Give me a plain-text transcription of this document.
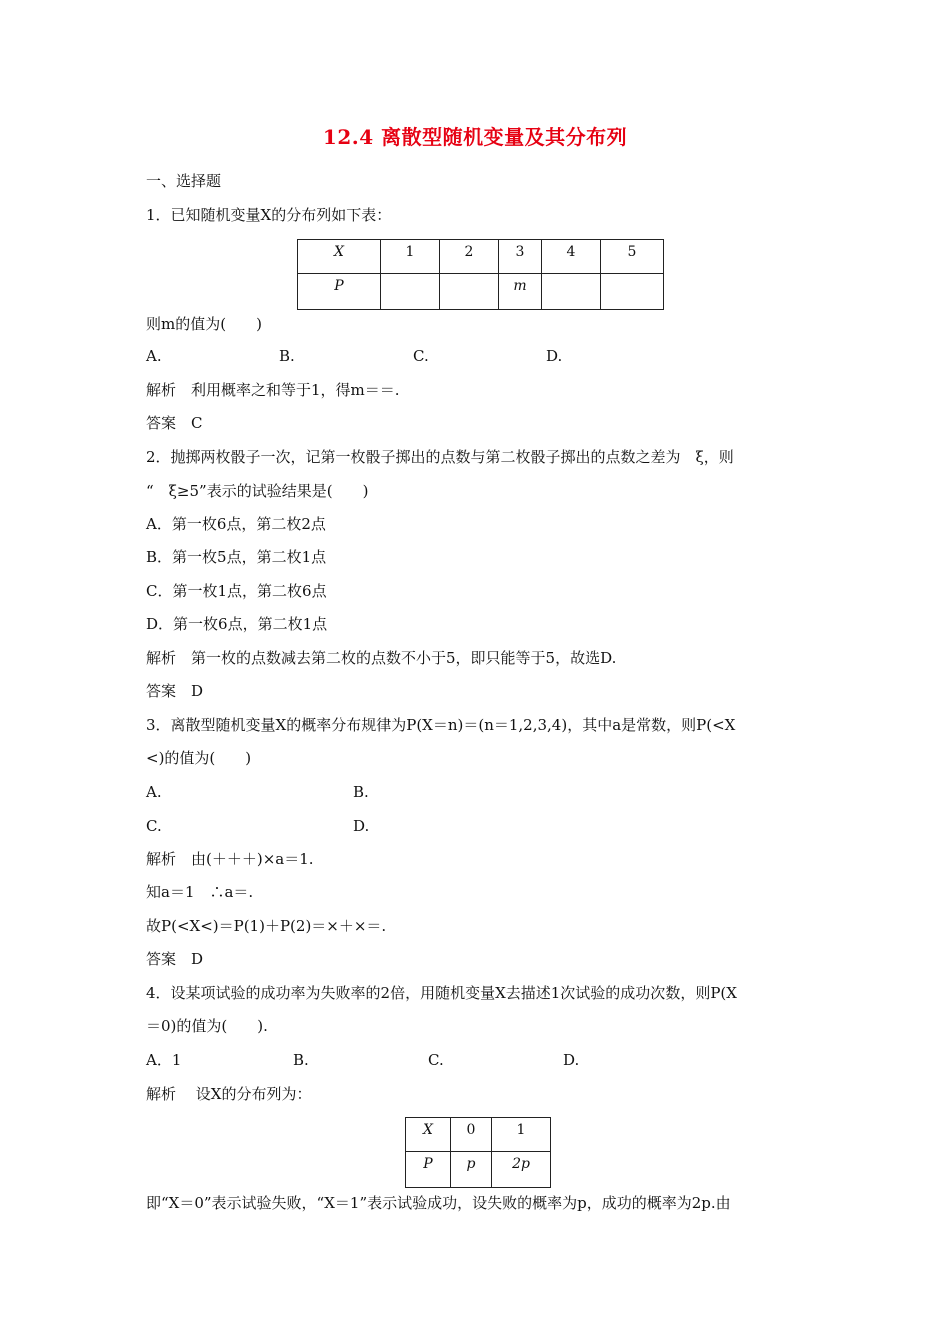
12.4 离散型随机变量及其分布列
一、选择题
1．已知随机变量X的分布列如下表：
X	1	2	3	4	5
P			m		
则m的值为(　　)
A.	B.	C.	D.
解析　利用概率之和等于1，得m＝＝.
答案　C
2．抛掷两枚骰子一次，记第一枚骰子掷出的点数与第二枚骰子掷出的点数之差为　ξ，则
“　ξ≥5”表示的试验结果是(　　)
A．第一枚6点，第二枚2点
B．第一枚5点，第二枚1点
C．第一枚1点，第二枚6点
D．第一枚6点，第二枚1点
解析　第一枚的点数减去第二枚的点数不小于5，即只能等于5，故选D.
答案　D
3．离散型随机变量X的概率分布规律为P(X＝n)＝(n＝1,2,3,4)，其中a是常数，则P(<X
<)的值为(　　)
A.	B.
C.	D.
解析　由(＋＋＋)×a＝1.
知a＝1　∴a＝.
故P(<X<)＝P(1)＋P(2)＝×＋×＝.
答案　D
4．设某项试验的成功率为失败率的2倍，用随机变量X去描述1次试验的成功次数，则P(X
＝0)的值为(　　).
A．1	B.	C.	D.
解析　 设X的分布列为：
X	0	1
P	p	2p
即“X＝0”表示试验失败，“X＝1”表示试验成功，设失败的概率为p，成功的概率为2p.由
